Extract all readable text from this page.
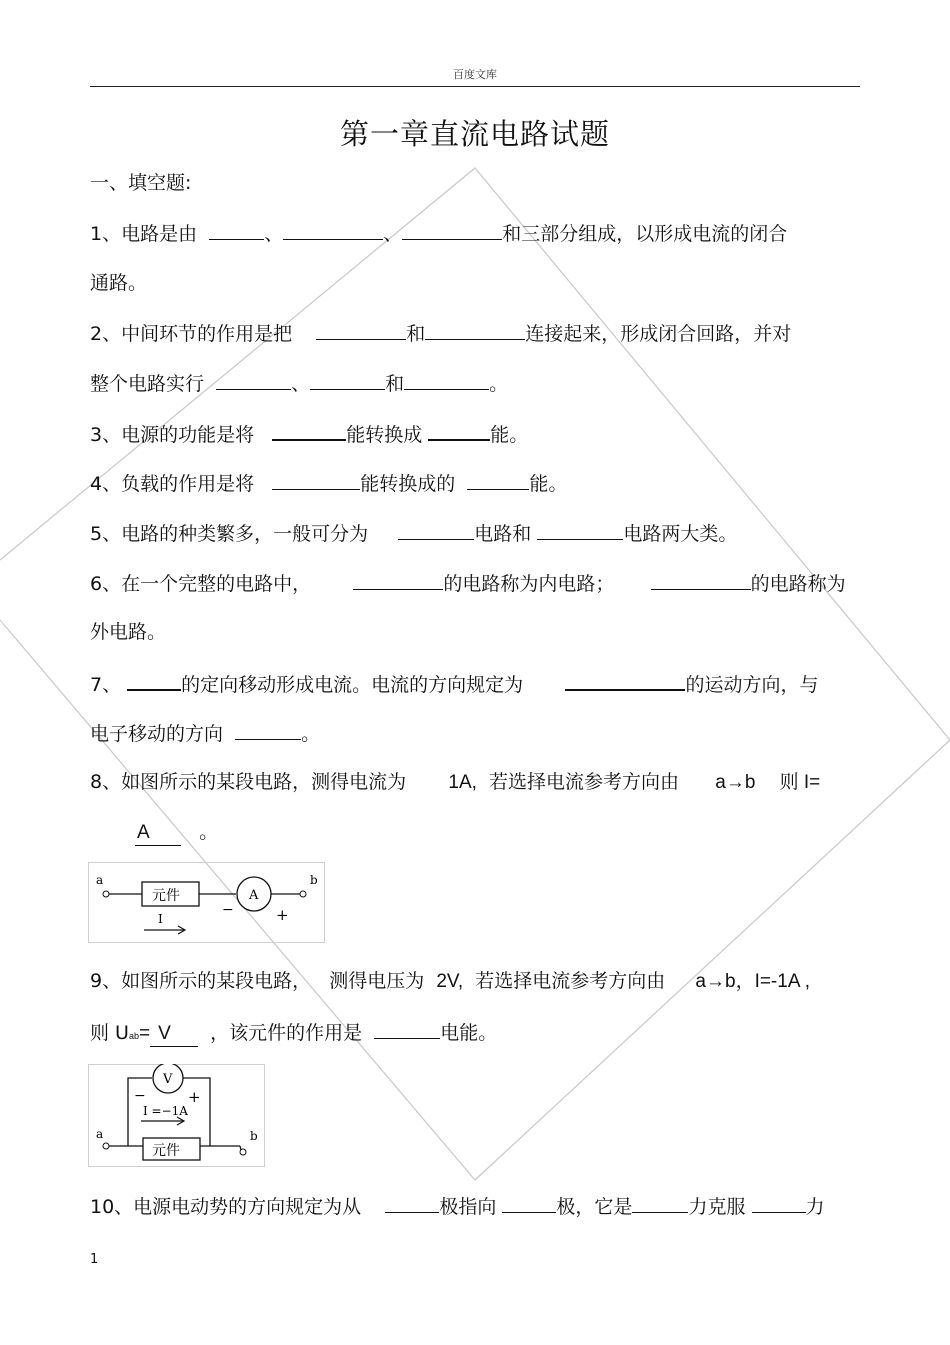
百度文库
第一章直流电路试题
一、填空题:
1、电路是由	、	、	和三部分组成，以形成电流的闭合
通路。
2、中间环节的作用是把	和	连接起来，形成闭合回路，并对
整个电路实行	、	和	。
3、电源的功能是将	能转换成	能。
4、负载的作用是将	能转换成的	能。
5、电路的种类繁多，一般可分为	电路和	电路两大类。
6、在一个完整的电路中，	的电路称为内电路；	的电路称为
外电路。
7、	的定向移动形成电流。电流的方向规定为	的运动方向，与
电子移动的方向	。
8、如图所示的某段电路，测得电流为 1A, 若选择电流参考方向由 a→b 则 I=
A	。
a
元件	A
b
−	+
I
9、如图所示的某段电路， 测得电压为 2V, 若选择电流参考方向由 a→b，I=-1A ,
则 Uab= V ，该元件的作用是	电能。
V
−	+
I =−1A
a
元件
b
10、电源电动势的方向规定为从	极指向	极，它是	力克服	力
1
